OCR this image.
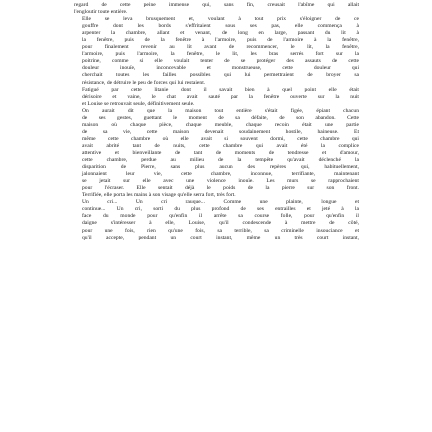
regard de cette peine immense qui, sans fin, creusait l'abîme qui allait
l'engloutir toute entière.

Elle se leva brusquement et, voulant à tout prix s'éloigner de ce
gouffre dont les bords s'effritaient sous ses pas, elle commença à
arpenter la chambre, allant et venant, de long en large, passant du lit à
la fenêtre, puis de la fenêtre à l'armoire, puis de l'armoire à la fenêtre,
pour finalement revenir au lit avant de recommencer, le lit, la fenêtre,
l'armoire, puis l'armoire, la fenêtre, le lit, les bras serrés fort sur la
poitrine, comme si elle voulait tenter de se protéger des assauts de cette
douleur inouïe, inconcevable et monstrueuse, cette douleur qui
cherchait toutes les failles possibles qui lui permettraient de broyer sa
résistance, de détruire le peu de forces qui lui restaient.

Fatigué par cette litanie dont il savait bien à quel point elle était
dérisoire et vaine, le chat avait sauté par la fenêtre ouverte sur la nuit
et Louise se retrouvait seule, définitivement seule.

On aurait dit que la maison tout entière s'était figée, épiant chacun
de ses gestes, guettant le moment de sa défaite, de son abandon. Cette
maison où chaque pièce, chaque meuble, chaque recoin était une partie
de sa vie, cette maison devenait soudainement hostile, haineuse. Et
même cette chambre où elle avait si souvent dormi, cette chambre qui
avait abrité tant de nuits, cette chambre qui avait été la complice
attentive et bienveillante de tant de moments de tendresse et d'amour,
cette chambre, perdue au milieu de la tempête qu'avait déclenché la
disparition de Pierre, sans plus aucun des repères qui, habituellement,
jalonnaient leur vie, cette chambre, inconnue, terrifiante, maintenant
se jetait sur elle avec une violence inouïe. Les murs se rapprochaient
pour l'écraser. Elle sentait déjà le poids de la pierre sur son front.
Terrifiée, elle porta les mains à son visage qu'elle serra fort, très fort.

Un cri... Un cri rauque... Comme une plainte, longue et
continue... Un cri, sorti du plus profond de ses entrailles et jeté à la
face du monde pour qu'enfin il arrête sa course folle, pour qu'enfin il
daigne s'intéresser à elle, Louise, qu'il condescende à mettre de côté,
pour une fois, rien qu'une fois, sa terrible, sa criminelle insouciance et
qu'il accepte, pendant un court instant, même un très court instant,
